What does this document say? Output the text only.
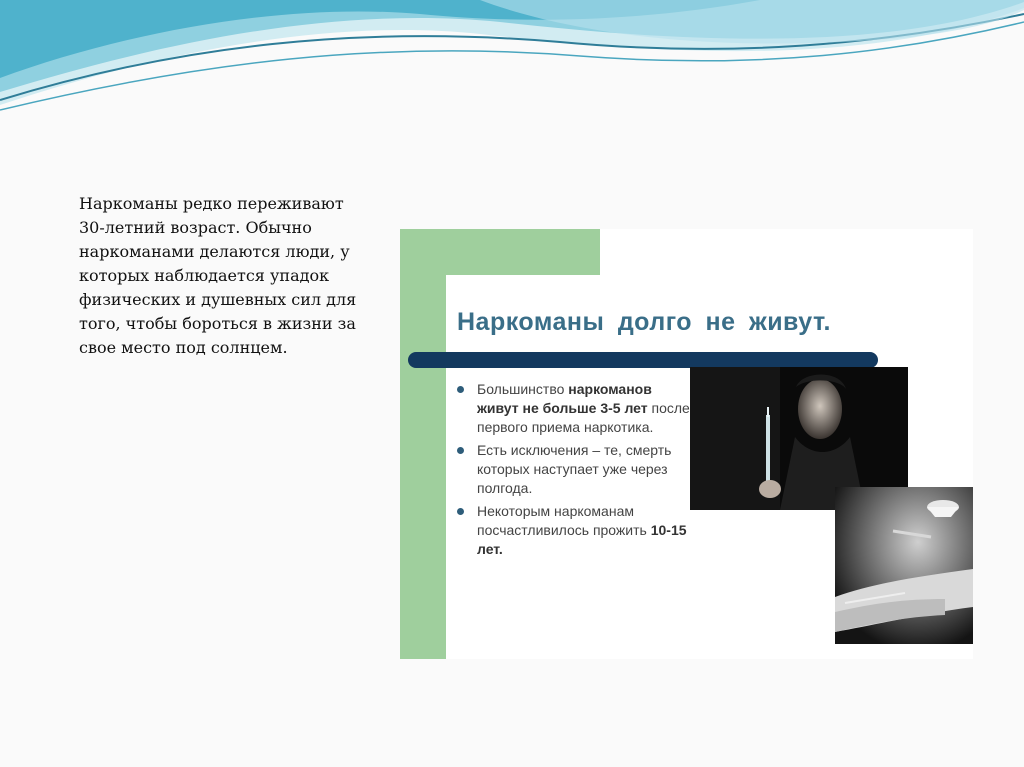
Наркоманы редко переживают
30-летний возраст. Обычно
наркоманами делаются люди, у
которых наблюдается упадок
физических и душевных сил для
того, чтобы бороться в жизни за
свое место под солнцем.

Наркоманы долго не живут.
Большинство наркоманов живут не больше 3-5 лет после первого приема наркотика.
Есть исключения – те, смерть которых наступает уже через полгода.
Некоторым наркоманам посчастливилось прожить 10-15 лет.
